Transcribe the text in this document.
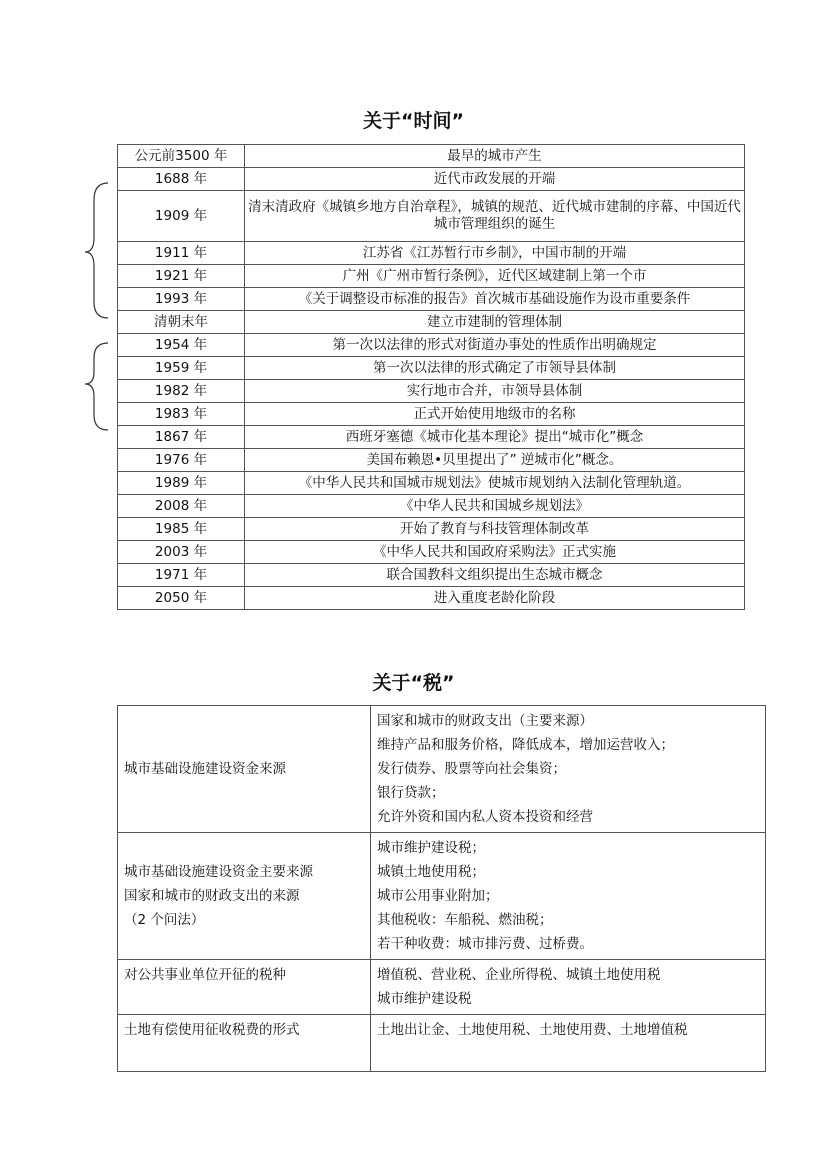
关于“时间”
公元前3500 年	最早的城市产生
1688 年	近代市政发展的开端
1909 年	清末清政府《城镇乡地方自治章程》，城镇的规范、近代城市建制的序幕、中国近代城市管理组织的诞生
1911 年	江苏省《江苏暂行市乡制》，中国市制的开端
1921 年	广州《广州市暂行条例》，近代区域建制上第一个市
1993 年	《关于调整设市标准的报告》首次城市基础设施作为设市重要条件
清朝末年	建立市建制的管理体制
1954 年	第一次以法律的形式对街道办事处的性质作出明确规定
1959 年	第一次以法律的形式确定了市领导县体制
1982 年	实行地市合并，市领导县体制
1983 年	正式开始使用地级市的名称
1867 年	西班牙塞德《城市化基本理论》提出“城市化”概念
1976 年	美国布赖恩•贝里提出了” 逆城市化”概念。
1989 年	《中华人民共和国城市规划法》使城市规划纳入法制化管理轨道。
2008 年	《中华人民共和国城乡规划法》
1985 年	开始了教育与科技管理体制改革
2003 年	《中华人民共和国政府采购法》正式实施
1971 年	联合国教科文组织提出生态城市概念
2050 年	进入重度老龄化阶段
关于“税”
城市基础设施建设资金来源	国家和城市的财政支出（主要来源）
维持产品和服务价格，降低成本，增加运营收入；
发行债券、股票等向社会集资；
银行贷款；
允许外资和国内私人资本投资和经营

城市基础设施建设资金主要来源
国家和城市的财政支出的来源
（2 个问法）	城市维护建设税；
城镇土地使用税；
城市公用事业附加；
其他税收：车船税、燃油税；
若干种收费：城市排污费、过桥费。

对公共事业单位开征的税种	增值税、营业税、企业所得税、城镇土地使用税
城市维护建设税

土地有偿使用征收税费的形式	土地出让金、土地使用税、土地使用费、土地增值税
